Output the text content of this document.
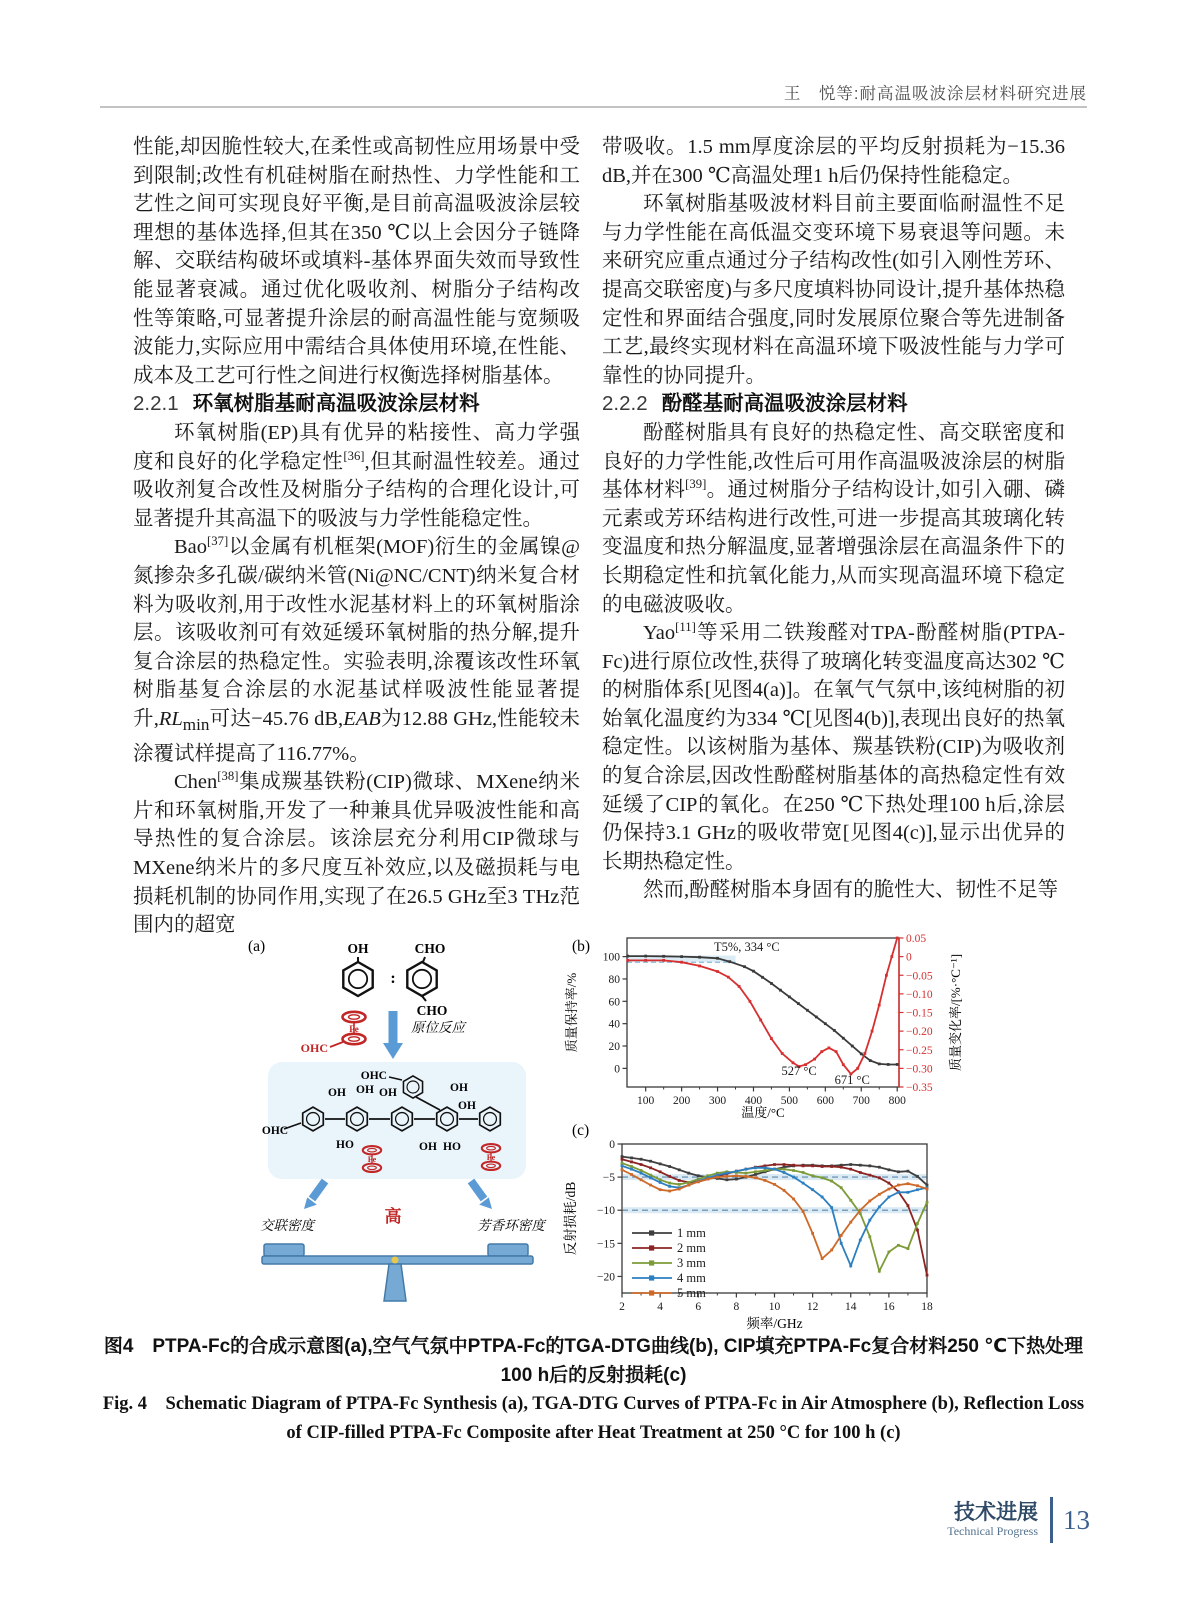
王　悦等:耐高温吸波涂层材料研究进展

性能,却因脆性较大,在柔性或高韧性应用场景中受到限制;改性有机硅树脂在耐热性、力学性能和工艺性之间可实现良好平衡,是目前高温吸波涂层较理想的基体选择,但其在350 ℃以上会因分子链降解、交联结构破坏或填料-基体界面失效而导致性能显著衰减。通过优化吸收剂、树脂分子结构改性等策略,可显著提升涂层的耐高温性能与宽频吸波能力,实际应用中需结合具体使用环境,在性能、成本及工艺可行性之间进行权衡选择树脂基体。

2.2.1 环氧树脂基耐高温吸波涂层材料

环氧树脂(EP)具有优异的粘接性、高力学强度和良好的化学稳定性[36],但其耐温性较差。通过吸收剂复合改性及树脂分子结构的合理化设计,可显著提升其高温下的吸波与力学性能稳定性。

Bao[37]以金属有机框架(MOF)衍生的金属镍@氮掺杂多孔碳/碳纳米管(Ni@NC/CNT)纳米复合材料为吸收剂,用于改性水泥基材料上的环氧树脂涂层。该吸收剂可有效延缓环氧树脂的热分解,提升复合涂层的热稳定性。实验表明,涂覆该改性环氧树脂基复合涂层的水泥基试样吸波性能显著提升$,RL_{min}$可达−45.76 dB,EAB为12.88 GHz,性能较未涂覆试样提高了116.77%。

Chen[38]集成羰基铁粉(CIP)微球、MXene纳米片和环氧树脂,开发了一种兼具优异吸波性能和高导热性的复合涂层。该涂层充分利用CIP微球与MXene纳米片的多尺度互补效应,以及磁损耗与电损耗机制的协同作用,实现了在26.5 GHz至3 THz范围内的超宽

带吸收。1.5 mm厚度涂层的平均反射损耗为−15.36 dB,并在300 ℃高温处理1 h后仍保持性能稳定。

环氧树脂基吸波材料目前主要面临耐温性不足与力学性能在高低温交变环境下易衰退等问题。未来研究应重点通过分子结构改性(如引入刚性芳环、提高交联密度)与多尺度填料协同设计,提升基体热稳定性和界面结合强度,同时发展原位聚合等先进制备工艺,最终实现材料在高温环境下吸波性能与力学可靠性的协同提升。

2.2.2 酚醛基耐高温吸波涂层材料

酚醛树脂具有良好的热稳定性、高交联密度和良好的力学性能,改性后可用作高温吸波涂层的树脂基体材料[39]。通过树脂分子结构设计,如引入硼、磷元素或芳环结构进行改性,可进一步提高其玻璃化转变温度和热分解温度,显著增强涂层在高温条件下的长期稳定性和抗氧化能力,从而实现高温环境下稳定的电磁波吸收。

Yao[11]等采用二铁羧醛对TPA-酚醛树脂(PTPA-Fc)进行原位改性,获得了玻璃化转变温度高达302 ℃的树脂体系[见图4(a)]。在氧气气氛中,该纯树脂的初始氧化温度约为334 ℃[见图4(b)],表现出良好的热氧稳定性。以该树脂为基体、羰基铁粉(CIP)为吸收剂的复合涂层,因改性酚醛树脂基体的高热稳定性有效延缓了CIP的氧化。在250 ℃下热处理100 h后,涂层仍保持3.1 GHz的吸收带宽[见图4(c)],显示出优异的长期热稳定性。

然而,酚醛树脂本身固有的脆性大、韧性不足等

(a)	OH
:
CHO
CHO
Fe
OHC
原位反应
OHC
OH
OH OH OH
OH
OHC
HO	OH HO
Fe	Fe
高
交联密度	芳香环密度
100 200 300 400 500 600 700 800
0
20
40
60
80
100
0.05
0
−0.05
−0.10
−0.15
−0.20
−0.25
−0.30
−0.35
T5%, 334 °C
527 °C
671 °C
温度/°C
质量保持率/%	质量变化率/[%·°C⁻¹]
(b)
2	4	6	8	10 12 14 16 18
0
−5
−10
−15
−20
1 mm
2 mm
3 mm
4 mm
5 mm
频率/GHz
反射损耗/dB
(c)
图4　PTPA-Fc的合成示意图(a),空气气氛中PTPA-Fc的TGA-DTG曲线(b), CIP填充PTPA-Fc复合材料250 ℃下热处理
100 h后的反射损耗(c)
Fig. 4　Schematic Diagram of PTPA-Fc Synthesis (a), TGA-DTG Curves of PTPA-Fc in Air Atmosphere (b), Reflection Loss
of CIP-filled PTPA-Fc Composite after Heat Treatment at 250 °C for 100 h (c)
技术进展
Technical Progress 13
